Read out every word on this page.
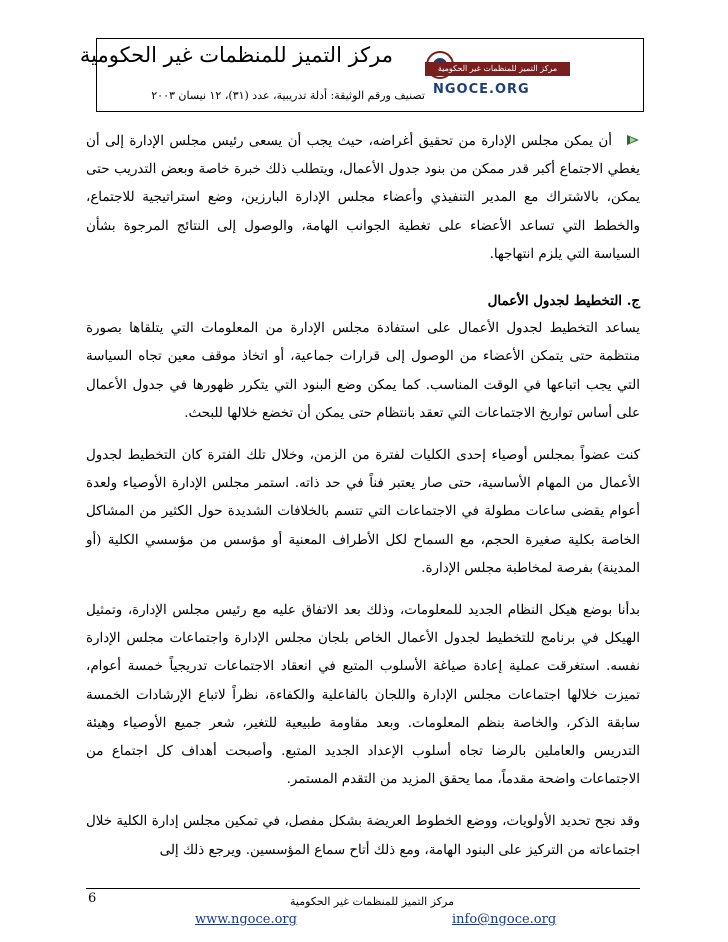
مركز التميز للمنظمات غير الحكومية
تصنيف ورقم الوثيقة: أدلة تدريبية، عدد (٣١)، ١٢ نيسان ٢٠٠٣
مركز التميز للمنظمات غير الحكومية
NGOCE.ORG

أن يمكن مجلس الإدارة من تحقيق أغراضه، حيث يجب أن يسعى رئيس مجلس الإدارة إلى أن يغطي الاجتماع أكبر قدر ممكن من بنود جدول الأعمال، ويتطلب ذلك خبرة خاصة وبعض التدريب حتى يمكن، بالاشتراك مع المدير التنفيذي وأعضاء مجلس الإدارة البارزين، وضع استراتيجية للاجتماع، والخطط التي تساعد الأعضاء على تغطية الجوانب الهامة، والوصول إلى النتائج المرجوة بشأن السياسة التي يلزم انتهاجها.

ج. التخطيط لجدول الأعمال

يساعد التخطيط لجدول الأعمال على استفادة مجلس الإدارة من المعلومات التي يتلقاها بصورة منتظمة حتى يتمكن الأعضاء من الوصول إلى قرارات جماعية، أو اتخاذ موقف معين تجاه السياسة التي يجب اتباعها في الوقت المناسب. كما يمكن وضع البنود التي يتكرر ظهورها في جدول الأعمال على أساس تواريخ الاجتماعات التي تعقد بانتظام حتى يمكن أن تخضع خلالها للبحث.

كنت عضواً بمجلس أوصياء إحدى الكليات لفترة من الزمن، وخلال تلك الفترة كان التخطيط لجدول الأعمال من المهام الأساسية، حتى صار يعتبر فناً في حد ذاته. استمر مجلس الإدارة الأوصياء ولعدة أعوام يقضى ساعات مطولة في الاجتماعات التي تتسم بالخلافات الشديدة حول الكثير من المشاكل الخاصة بكلية صغيرة الحجم، مع السماح لكل الأطراف المعنية أو مؤسس من مؤسسي الكلية (أو المدينة) بفرصة لمخاطبة مجلس الإدارة.

بدأنا بوضع هيكل النظام الجديد للمعلومات، وذلك بعد الاتفاق عليه مع رئيس مجلس الإدارة، وتمثيل الهيكل في برنامج للتخطيط لجدول الأعمال الخاص بلجان مجلس الإدارة واجتماعات مجلس الإدارة نفسه. استغرقت عملية إعادة صياغة الأسلوب المتبع في انعقاد الاجتماعات تدريجياً خمسة أعوام، تميزت خلالها اجتماعات مجلس الإدارة واللجان بالفاعلية والكفاءة، نظراً لاتباع الإرشادات الخمسة سابقة الذكر، والخاصة بنظم المعلومات. وبعد مقاومة طبيعية للتغير، شعر جميع الأوصياء وهيئة التدريس والعاملين بالرضا تجاه أسلوب الإعداد الجديد المتبع. وأصبحت أهداف كل اجتماع من الاجتماعات واضحة مقدماً، مما يحقق المزيد من التقدم المستمر.

وقد نجح تحديد الأولويات، ووضع الخطوط العريضة بشكل مفصل، في تمكين مجلس إدارة الكلية خلال اجتماعاته من التركيز على البنود الهامة، ومع ذلك أتاح سماع المؤسسين. ويرجع ذلك إلى

6	مركز التميز للمنظمات غير الحكومية
www.ngoce.org	info@ngoce.org
